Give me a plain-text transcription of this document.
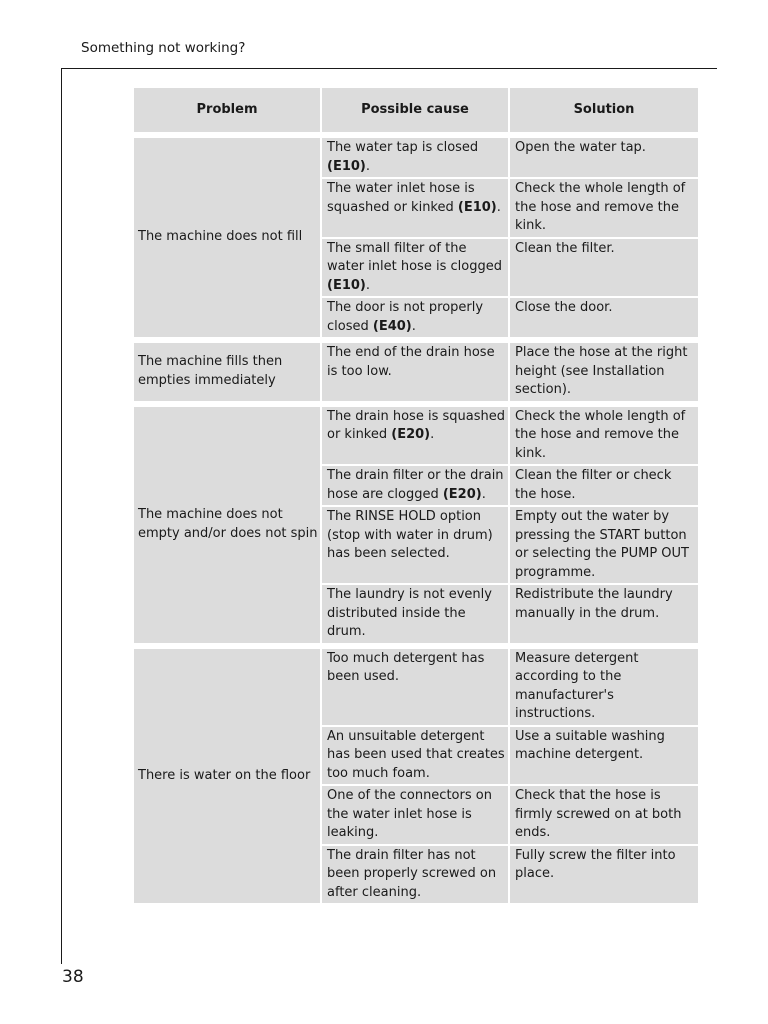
Something not working?
Problem	Possible cause	Solution

The machine does not fill	The water tap is closed (E10).	Open the water tap.
	The water inlet hose is squashed or kinked (E10).	Check the whole length of the hose and remove the kink.
	The small filter of the water inlet hose is clogged (E10).	Clean the filter.
	The door is not properly closed (E40).	Close the door.

The machine fills then empties immediately	The end of the drain hose is too low.	Place the hose at the right height (see Installation section).

The machine does not empty and/or does not spin	The drain hose is squashed or kinked (E20).	Check the whole length of the hose and remove the kink.
	The drain filter or the drain hose are clogged (E20).	Clean the filter or check the hose.
	The RINSE HOLD option (stop with water in drum) has been selected.	Empty out the water by pressing the START button or selecting the PUMP OUT programme.
	The laundry is not evenly distributed inside the drum.	Redistribute the laundry manually in the drum.

There is water on the floor	Too much detergent has been used.	Measure detergent according to the manufacturer's instructions.
	An unsuitable detergent has been used that creates too much foam.	Use a suitable washing machine detergent.
	One of the connectors on the water inlet hose is leaking.	Check that the hose is firmly screwed on at both ends.
	The drain filter has not been properly screwed on after cleaning.	Fully screw the filter into place.
38
